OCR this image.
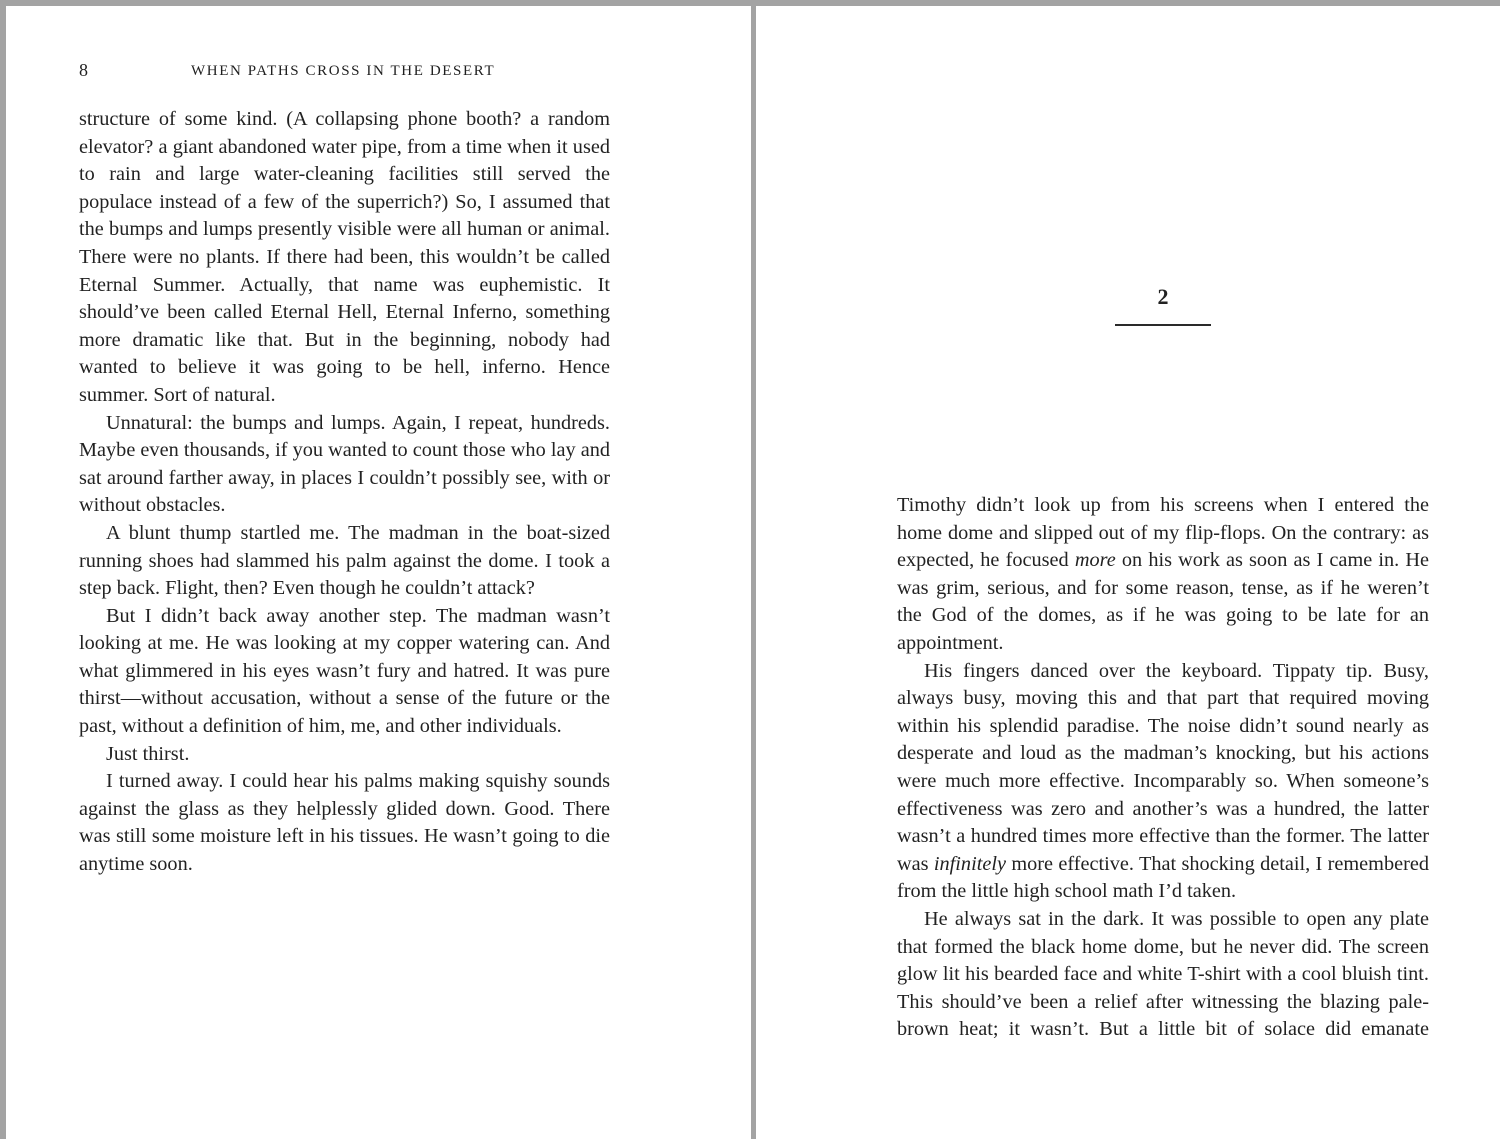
8	WHEN PATHS CROSS IN THE DESERT

structure of some kind. (A collapsing phone booth? a random elevator? a giant abandoned water pipe, from a time when it used to rain and large water-cleaning facilities still served the populace instead of a few of the superrich?) So, I assumed that the bumps and lumps presently visible were all human or animal. There were no plants. If there had been, this wouldn’t be called Eternal Summer. Actually, that name was euphemistic. It should’ve been called Eternal Hell, Eternal Inferno, something more dramatic like that. But in the beginning, nobody had wanted to believe it was going to be hell, inferno. Hence summer. Sort of natural.

Unnatural: the bumps and lumps. Again, I repeat, hundreds. Maybe even thousands, if you wanted to count those who lay and sat around farther away, in places I couldn’t possibly see, with or without obstacles.

A blunt thump startled me. The madman in the boat-sized running shoes had slammed his palm against the dome. I took a step back. Flight, then? Even though he couldn’t attack?

But I didn’t back away another step. The madman wasn’t looking at me. He was looking at my copper watering can. And what glimmered in his eyes wasn’t fury and hatred. It was pure thirst—without accusation, without a sense of the future or the past, without a definition of him, me, and other individuals.

Just thirst.

I turned away. I could hear his palms making squishy sounds against the glass as they helplessly glided down. Good. There was still some moisture left in his tissues. He wasn’t going to die anytime soon.

2

Timothy didn’t look up from his screens when I entered the home dome and slipped out of my flip-flops. On the contrary: as expected, he focused more on his work as soon as I came in. He was grim, serious, and for some reason, tense, as if he weren’t the God of the domes, as if he was going to be late for an appointment.

His fingers danced over the keyboard. Tippaty tip. Busy, always busy, moving this and that part that required moving within his splendid paradise. The noise didn’t sound nearly as desperate and loud as the madman’s knocking, but his actions were much more effective. Incomparably so. When someone’s effectiveness was zero and another’s was a hundred, the latter wasn’t a hundred times more effective than the former. The latter was infinitely more effective. That shocking detail, I remembered from the little high school math I’d taken.

He always sat in the dark. It was possible to open any plate that formed the black home dome, but he never did. The screen glow lit his bearded face and white T-shirt with a cool bluish tint. This should’ve been a relief after witnessing the blazing pale-brown heat; it wasn’t. But a little bit of solace did emanate
